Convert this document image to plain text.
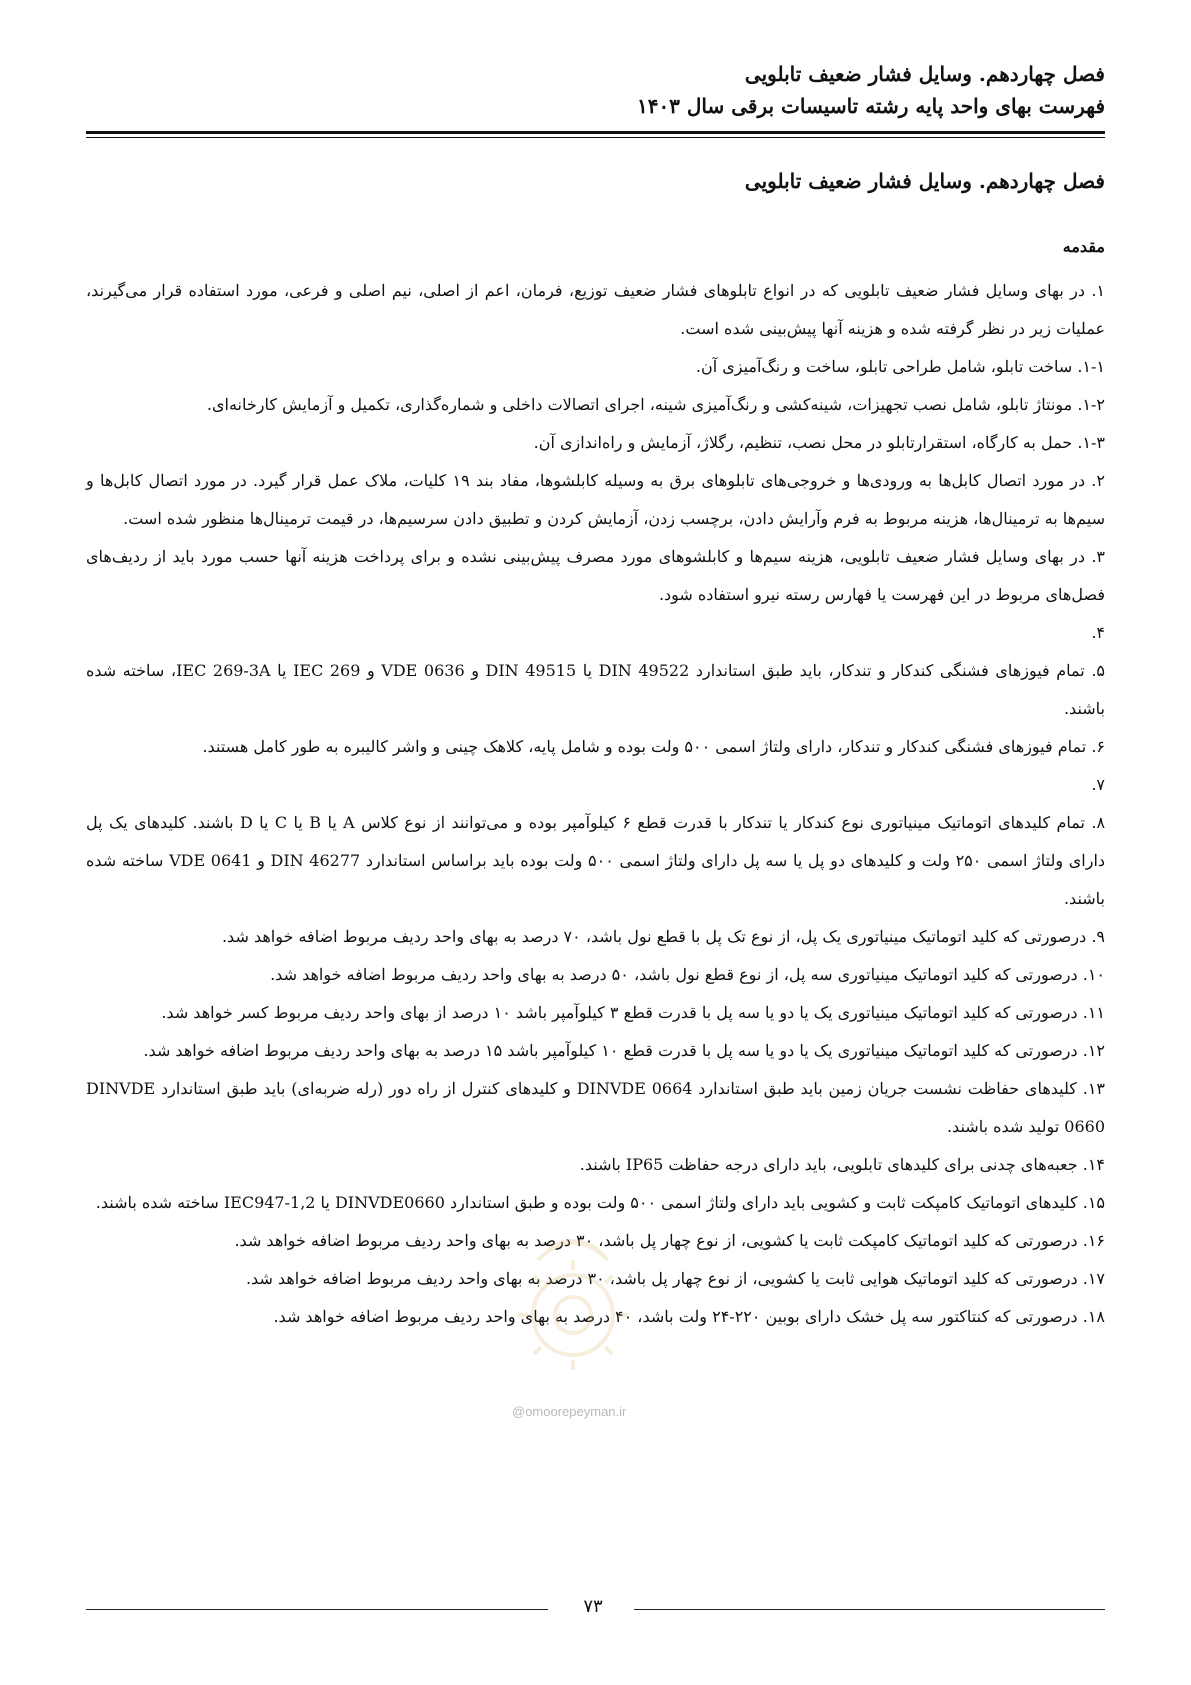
فصل چهاردهم. وسایل فشار ضعیف تابلویی
فهرست بهای واحد پایه رشته تاسیسات برقی سال ۱۴۰۳
فصل چهاردهم. وسایل فشار ضعیف تابلویی
مقدمه

۱. در بهای وسایل فشار ضعیف تابلویی که در انواع تابلوهای فشار ضعیف توزیع، فرمان، اعم از اصلی، نیم اصلی و فرعی، مورد استفاده قرار می‌گیرند، عملیات زیر در نظر گرفته شده و هزینه آنها پیش‌بینی شده است.

۱-۱. ساخت تابلو، شامل طراحی تابلو، ساخت و رنگ‌آمیزی آن.

۱-۲. مونتاژ تابلو، شامل نصب تجهیزات، شینه‌کشی و رنگ‌آمیزی شینه، اجرای اتصالات داخلی و شماره‌گذاری، تکمیل و آزمایش کارخانه‌ای.

۱-۳. حمل به کارگاه، استقرارتابلو در محل نصب، تنظیم، رگلاژ، آزمایش و راه‌اندازی آن.

۲. در مورد اتصال کابل‌ها به ورودی‌ها و خروجی‌های تابلوهای برق به وسیله کابلشوها، مفاد بند ۱۹ کلیات، ملاک عمل قرار گیرد. در مورد اتصال کابل‌ها و سیم‌ها به ترمینال‌ها، هزینه مربوط به فرم وآرایش دادن، برچسب زدن، آزمایش کردن و تطبیق دادن سرسیم‌ها، در قیمت ترمینال‌ها منظور شده است.

۳. در بهای وسایل فشار ضعیف تابلویی، هزینه سیم‌ها و کابلشوهای مورد مصرف پیش‌بینی نشده و برای پرداخت هزینه آنها حسب مورد باید از ردیف‌های فصل‌های مربوط در این فهرست یا فهارس رسته نیرو استفاده شود.

۴.

۵. تمام فیوزهای فشنگی کندکار و تندکار، باید طبق استاندارد DIN 49522 یا DIN 49515 و VDE 0636 و IEC 269 یا IEC 269-3A، ساخته شده باشند.

۶. تمام فیوزهای فشنگی کندکار و تندکار، دارای ولتاژ اسمی ۵۰۰ ولت بوده و شامل پایه، کلاهک چینی و واشر کالیبره به طور کامل هستند.

۷.

۸. تمام کلیدهای اتوماتیک مینیاتوری نوع کندکار یا تندکار با قدرت قطع ۶ کیلوآمپر بوده و می‌توانند از نوع کلاس A یا B یا C یا D باشند. کلیدهای یک پل دارای ولتاژ اسمی ۲۵۰ ولت و کلیدهای دو پل یا سه پل دارای ولتاژ اسمی ۵۰۰ ولت بوده باید براساس استاندارد DIN 46277 و VDE 0641 ساخته شده باشند.

۹. درصورتی که کلید اتوماتیک مینیاتوری یک پل، از نوع تک پل با قطع نول باشد، ۷۰ درصد به بهای واحد ردیف مربوط اضافه خواهد شد.

۱۰. درصورتی که کلید اتوماتیک مینیاتوری سه پل، از نوع قطع نول باشد، ۵۰ درصد به بهای واحد ردیف مربوط اضافه خواهد شد.

۱۱. درصورتی که کلید اتوماتیک مینیاتوری یک یا دو یا سه پل با قدرت قطع ۳ کیلوآمپر باشد ۱۰ درصد از بهای واحد ردیف مربوط کسر خواهد شد.

۱۲. درصورتی که کلید اتوماتیک مینیاتوری یک یا دو یا سه پل با قدرت قطع ۱۰ کیلوآمپر باشد ۱۵ درصد به بهای واحد ردیف مربوط اضافه خواهد شد.

۱۳. کلیدهای حفاظت نشست جریان زمین باید طبق استاندارد DINVDE 0664 و کلیدهای کنترل از راه دور (رله ضربه‌ای) باید طبق استاندارد DINVDE 0660 تولید شده باشند.

۱۴. جعبه‌های چدنی برای کلیدهای تابلویی، باید دارای درجه حفاظت IP65 باشند.

۱۵. کلیدهای اتوماتیک کامپکت ثابت و کشویی باید دارای ولتاژ اسمی ۵۰۰ ولت بوده و طبق استاندارد DINVDE0660 یا IEC947-1,2 ساخته شده باشند.

۱۶. درصورتی که کلید اتوماتیک کامپکت ثابت یا کشویی، از نوع چهار پل باشد، ۳۰ درصد به بهای واحد ردیف مربوط اضافه خواهد شد.

۱۷. درصورتی که کلید اتوماتیک هوایی ثابت یا کشویی، از نوع چهار پل باشد، ۳۰ درصد به بهای واحد ردیف مربوط اضافه خواهد شد.

۱۸. درصورتی که کنتاکتور سه پل خشک دارای بوبین ۲۲۰-۲۴ ولت باشد، ۴۰ درصد به بهای واحد ردیف مربوط اضافه خواهد شد.

@omoorepeyman.ir
۷۳
